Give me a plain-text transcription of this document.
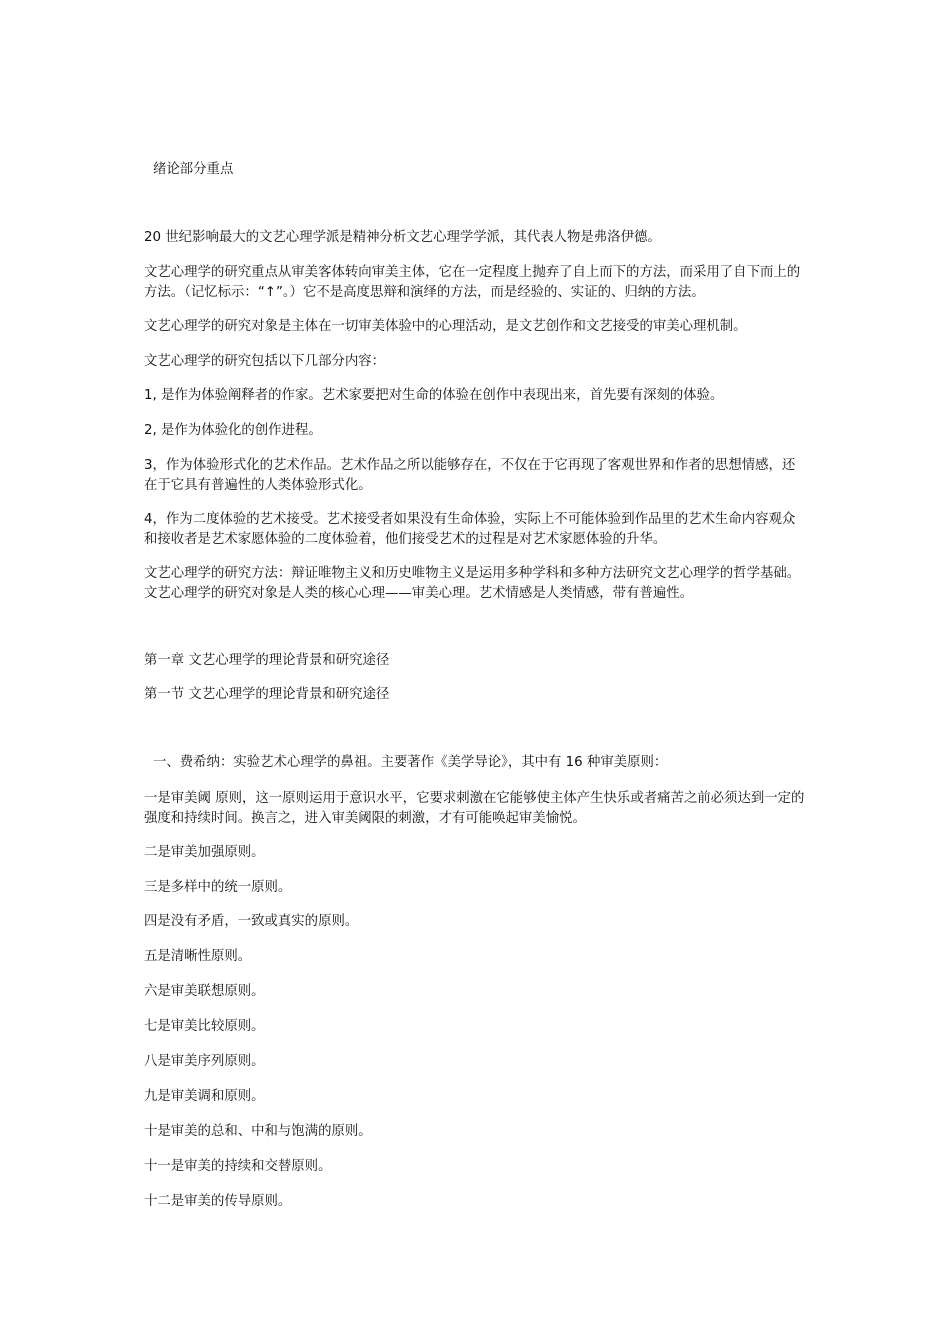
绪论部分重点

20 世纪影响最大的文艺心理学派是精神分析文艺心理学学派，其代表人物是弗洛伊德。

文艺心理学的研究重点从审美客体转向审美主体，它在一定程度上抛弃了自上而下的方法，而采用了自下而上的方法。（记忆标示：“↑”。）它不是高度思辩和演绎的方法，而是经验的、实证的、归纳的方法。

文艺心理学的研究对象是主体在一切审美体验中的心理活动，是文艺创作和文艺接受的审美心理机制。

文艺心理学的研究包括以下几部分内容：

1, 是作为体验阐释者的作家。艺术家要把对生命的体验在创作中表现出来，首先要有深刻的体验。

2, 是作为体验化的创作进程。

3，作为体验形式化的艺术作品。艺术作品之所以能够存在，不仅在于它再现了客观世界和作者的思想情感，还在于它具有普遍性的人类体验形式化。

4，作为二度体验的艺术接受。艺术接受者如果没有生命体验，实际上不可能体验到作品里的艺术生命内容观众和接收者是艺术家愿体验的二度体验着，他们接受艺术的过程是对艺术家愿体验的升华。

文艺心理学的研究方法：辩证唯物主义和历史唯物主义是运用多种学科和多种方法研究文艺心理学的哲学基础。文艺心理学的研究对象是人类的核心心理——审美心理。艺术情感是人类情感，带有普遍性。

第一章 文艺心理学的理论背景和研究途径

第一节 文艺心理学的理论背景和研究途径

一、费希纳：实验艺术心理学的鼻祖。主要著作《美学导论》，其中有 16 种审美原则：

一是审美阈 原则，这一原则运用于意识水平，它要求刺激在它能够使主体产生快乐或者痛苦之前必须达到一定的强度和持续时间。换言之，进入审美阈限的刺激，才有可能唤起审美愉悦。

二是审美加强原则。

三是多样中的统一原则。

四是没有矛盾，一致或真实的原则。

五是清晰性原则。

六是审美联想原则。

七是审美比较原则。

八是审美序列原则。

九是审美调和原则。

十是审美的总和、中和与饱满的原则。

十一是审美的持续和交替原则。

十二是审美的传导原则。
